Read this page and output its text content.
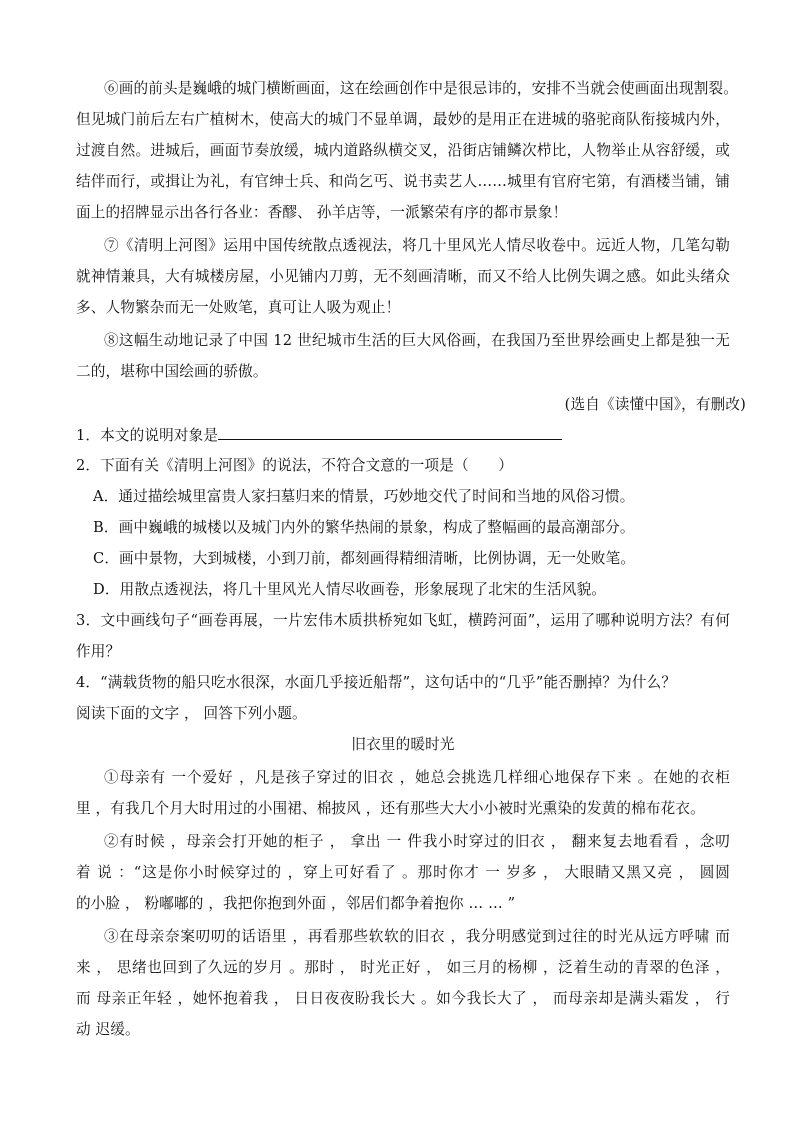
⑥画的前头是巍峨的城门横断画面，这在绘画创作中是很忌讳的，安排不当就会使画面出现割裂。
但见城门前后左右广植树木，使高大的城门不显单调，最妙的是用正在进城的骆驼商队衔接城内外，
过渡自然。进城后，画面节奏放缓，城内道路纵横交叉，沿街店铺鳞次栉比，人物举止从容舒缓，或
结伴而行，或揖让为礼，有官绅士兵、和尚乞丐、说书卖艺人……城里有官府宅第，有酒楼当铺，铺
面上的招牌显示出各行各业：香醪、 孙羊店等，一派繁荣有序的都市景象！
⑦《清明上河图》运用中国传统散点透视法，将几十里风光人情尽收卷中。远近人物，几笔勾勒
就神情兼具，大有城楼房屋，小见铺内刀剪，无不刻画清晰，而又不给人比例失调之感。如此头绪众
多、人物繁杂而无一处败笔，真可让人吸为观止！
⑧这幅生动地记录了中国 12 世纪城市生活的巨大风俗画，在我国乃至世界绘画史上都是独一无
二的，堪称中国绘画的骄傲。
(选自《读懂中国》，有删改)
1．本文的说明对象是
2．下面有关《清明上河图》的说法，不符合文意的一项是（　　）
A．通过描绘城里富贵人家扫墓归来的情景，巧妙地交代了时间和当地的风俗习惯。
B．画中巍峨的城楼以及城门内外的繁华热闹的景象，构成了整幅画的最高潮部分。
C．画中景物，大到城楼，小到刀前，都刻画得精细清晰，比例协调，无一处败笔。
D．用散点透视法，将几十里风光人情尽收画卷，形象展现了北宋的生活风貌。
3．文中画线句子“画卷再展，一片宏伟木质拱桥宛如飞虹，横跨河面”，运用了哪种说明方法？有何
作用？
4．“满载货物的船只吃水很深，水面几乎接近船帮”，这句话中的“几乎”能否删掉？为什么？
阅读下面的文字 ， 回答下列小题。
旧衣里的暖时光
①母亲有 一个爱好 ，凡是孩子穿过的旧衣 ，她总会挑选几样细心地保存下来 。在她的衣柜
里 ，有我几个月大时用过的小围裙、棉披风 ，还有那些大大小小被时光熏染的发黄的棉布花衣。
②有时候 ，母亲会打开她的柜子 ， 拿出 一 件我小时穿过的旧衣 ， 翻来复去地看看 ，念叨
着 说 ：“这是你小时候穿过的 ，穿上可好看了 。那时你才 一 岁多 ， 大眼睛又黑又亮 ， 圆圆
的小脸 ， 粉嘟嘟的 ，我把你抱到外面 ，邻居们都争着抱你 … … ”
③在母亲奈案叨叨的话语里 ，再看那些软软的旧衣 ，我分明感觉到过往的时光从远方呼啸 而
来 ， 思绪也回到了久远的岁月 。那时 ， 时光正好 ， 如三月的杨柳 ，泛着生动的青翠的色泽 ，
而 母亲正年轻 ，她怀抱着我 ， 日日夜夜盼我长大 。如今我长大了 ， 而母亲却是满头霜发 ， 行
动 迟缓。
